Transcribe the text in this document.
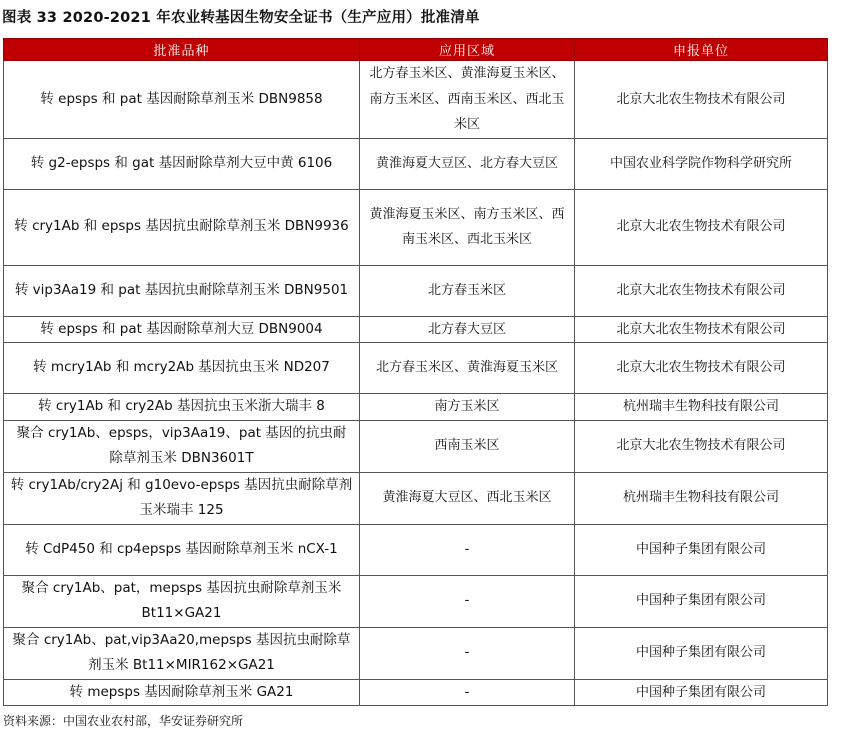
图表 33 2020-2021 年农业转基因生物安全证书（生产应用）批准清单
批准品种	应用区域	申报单位
转 epsps 和 pat 基因耐除草剂玉米 DBN9858	北方春玉米区、黄淮海夏玉米区、南方玉米区、西南玉米区、西北玉米区	北京大北农生物技术有限公司
转 g2-epsps 和 gat 基因耐除草剂大豆中黄 6106	黄淮海夏大豆区、北方春大豆区	中国农业科学院作物科学研究所
转 cry1Ab 和 epsps 基因抗虫耐除草剂玉米 DBN9936	黄淮海夏玉米区、南方玉米区、西南玉米区、西北玉米区	北京大北农生物技术有限公司
转 vip3Aa19 和 pat 基因抗虫耐除草剂玉米 DBN9501	北方春玉米区	北京大北农生物技术有限公司
转 epsps 和 pat 基因耐除草剂大豆 DBN9004	北方春大豆区	北京大北农生物技术有限公司
转 mcry1Ab 和 mcry2Ab 基因抗虫玉米 ND207	北方春玉米区、黄淮海夏玉米区	北京大北农生物技术有限公司
转 cry1Ab 和 cry2Ab 基因抗虫玉米浙大瑞丰 8	南方玉米区	杭州瑞丰生物科技有限公司
聚合 cry1Ab、epsps，vip3Aa19、pat 基因的抗虫耐除草剂玉米 DBN3601T	西南玉米区	北京大北农生物技术有限公司
转 cry1Ab/cry2Aj 和 g10evo-epsps 基因抗虫耐除草剂玉米瑞丰 125	黄淮海夏大豆区、西北玉米区	杭州瑞丰生物科技有限公司
转 CdP450 和 cp4epsps 基因耐除草剂玉米 nCX-1	-	中国种子集团有限公司
聚合 cry1Ab、pat，mepsps 基因抗虫耐除草剂玉米 Bt11×GA21	-	中国种子集团有限公司
聚合 cry1Ab、pat,vip3Aa20,mepsps 基因抗虫耐除草剂玉米 Bt11×MIR162×GA21	-	中国种子集团有限公司
转 mepsps 基因耐除草剂玉米 GA21	-	中国种子集团有限公司
资料来源：中国农业农村部，华安证券研究所
